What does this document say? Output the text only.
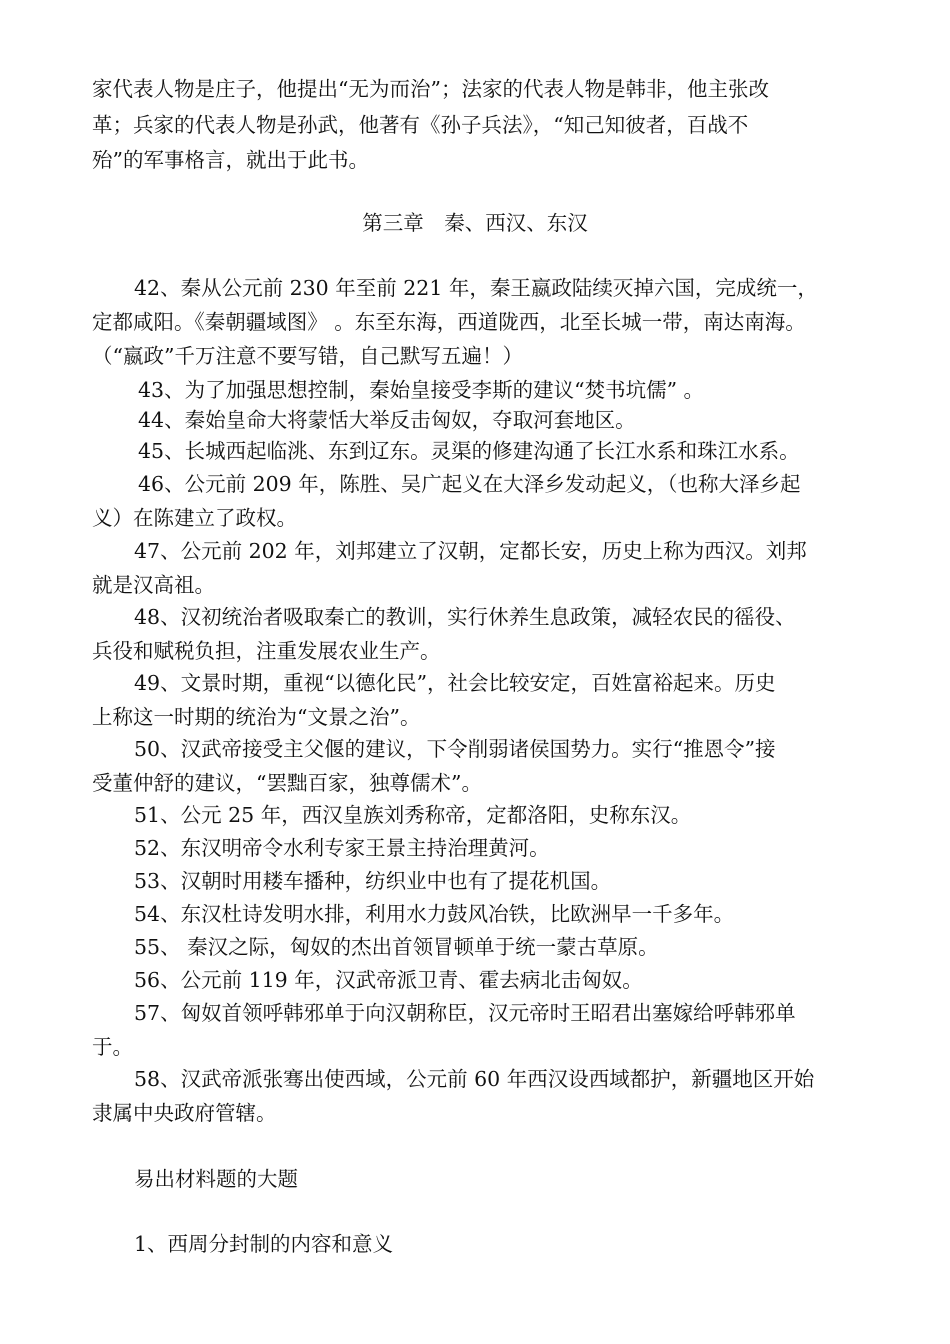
家代表人物是庄子，他提出“无为而治”；法家的代表人物是韩非，他主张改
革；兵家的代表人物是孙武，他著有《孙子兵法》，“知己知彼者，百战不
殆”的军事格言，就出于此书。
第三章　秦、西汉、东汉
42、秦从公元前 230 年至前 221 年，秦王嬴政陆续灭掉六国，完成统一，
定都咸阳。《秦朝疆域图》 。东至东海，西道陇西，北至长城一带，南达南海。
（“嬴政”千万注意不要写错，自己默写五遍！）
43、为了加强思想控制，秦始皇接受李斯的建议“焚书坑儒” 。
44、秦始皇命大将蒙恬大举反击匈奴，夺取河套地区。
45、长城西起临洮、东到辽东。灵渠的修建沟通了长江水系和珠江水系。
46、公元前 209 年，陈胜、吴广起义在大泽乡发动起义，（也称大泽乡起
义）在陈建立了政权。
47、公元前 202 年，刘邦建立了汉朝，定都长安，历史上称为西汉。刘邦
就是汉高祖。
48、汉初统治者吸取秦亡的教训，实行休养生息政策，减轻农民的徭役、
兵役和赋税负担，注重发展农业生产。
49、文景时期，重视“以德化民”，社会比较安定，百姓富裕起来。历史
上称这一时期的统治为“文景之治”。
50、汉武帝接受主父偃的建议，下令削弱诸侯国势力。实行“推恩令”接
受董仲舒的建议，“罢黜百家，独尊儒术”。
51、公元 25 年，西汉皇族刘秀称帝，定都洛阳，史称东汉。
52、东汉明帝令水利专家王景主持治理黄河。
53、汉朝时用耧车播种，纺织业中也有了提花机国。
54、东汉杜诗发明水排，利用水力鼓风冶铁，比欧洲早一千多年。
55、 秦汉之际，匈奴的杰出首领冒顿单于统一蒙古草原。
56、公元前 119 年，汉武帝派卫青、霍去病北击匈奴。
57、匈奴首领呼韩邪单于向汉朝称臣，汉元帝时王昭君出塞嫁给呼韩邪单
于。
58、汉武帝派张骞出使西域，公元前 60 年西汉设西域都护，新疆地区开始
隶属中央政府管辖。
易出材料题的大题
1、西周分封制的内容和意义
